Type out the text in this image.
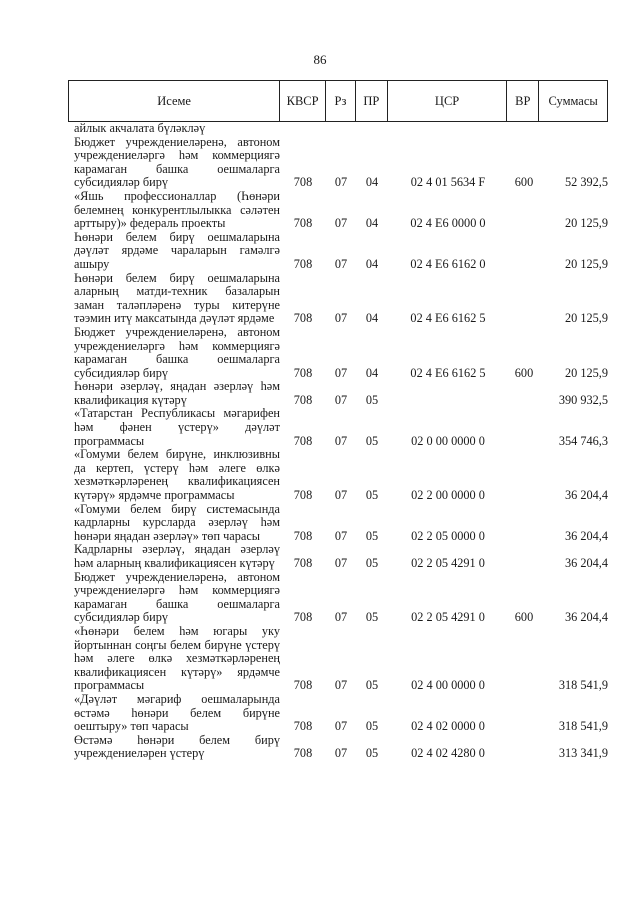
86
Исеме	КВСР	Рз	ПР	ЦСР	ВР	Суммасы
айлык акчалата бүләкләү
Бюджет учреждениеләренә, автоном учреждениеләргә һәм коммерциягә карамаган башка оешмаларга субсидияләр бирү	708	07	04	02 4 01 5634 F	600	52 392,5
«Яшь профессионаллар (Һөнәри белемнең конкурентлылыкка сәләтен арттыру)» федераль проекты	708	07	04	02 4 E6 0000 0	20 125,9
Һөнәри белем бирү оешмаларына дәүләт ярдәме чараларын гамәлгә ашыру	708	07	04	02 4 E6 6162 0	20 125,9
Һөнәри белем бирү оешмаларына аларның матди-техник базаларын заман таләпләренә туры китерүне тәэмин итү максатында дәүләт ярдәме	708	07	04	02 4 E6 6162 5	20 125,9
Бюджет учреждениеләренә, автоном учреждениеләргә һәм коммерциягә карамаган башка оешмаларга субсидияләр бирү	708	07	04	02 4 E6 6162 5	600	20 125,9
Һөнәри әзерләү, яңадан әзерләү һәм квалификация күтәрү	708	07	05	390 932,5
«Татарстан Республикасы мәгарифен һәм фәнен үстерү» дәүләт программасы	708	07	05	02 0 00 0000 0	354 746,3
«Гомуми белем бирүне, инклюзивны да кертеп, үстерү һәм әлеге өлкә хезмәткәрләренең квалификациясен күтәрү» ярдәмче программасы	708	07	05	02 2 00 0000 0	36 204,4
«Гомуми белем бирү системасында кадрларны курсларда әзерләү һәм һөнәри яңадан әзерләү» төп чарасы	708	07	05	02 2 05 0000 0	36 204,4
Кадрларны әзерләү, яңадан әзерләү һәм аларның квалификациясен күтәрү	708	07	05	02 2 05 4291 0	36 204,4
Бюджет учреждениеләренә, автоном учреждениеләргә һәм коммерциягә карамаган башка оешмаларга субсидияләр бирү	708	07	05	02 2 05 4291 0	600	36 204,4
«Һөнәри белем һәм югары уку йортыннан соңгы белем бирүне үстерү һәм әлеге өлкә хезмәткәрләренең квалификациясен күтәрү» ярдәмче программасы	708	07	05	02 4 00 0000 0	318 541,9
«Дәүләт мәгариф оешмаларында өстәмә һөнәри белем бирүне оештыру» төп чарасы	708	07	05	02 4 02 0000 0	318 541,9
Өстәмә һөнәри белем бирү учреждениеләрен үстерү	708	07	05	02 4 02 4280 0	313 341,9
